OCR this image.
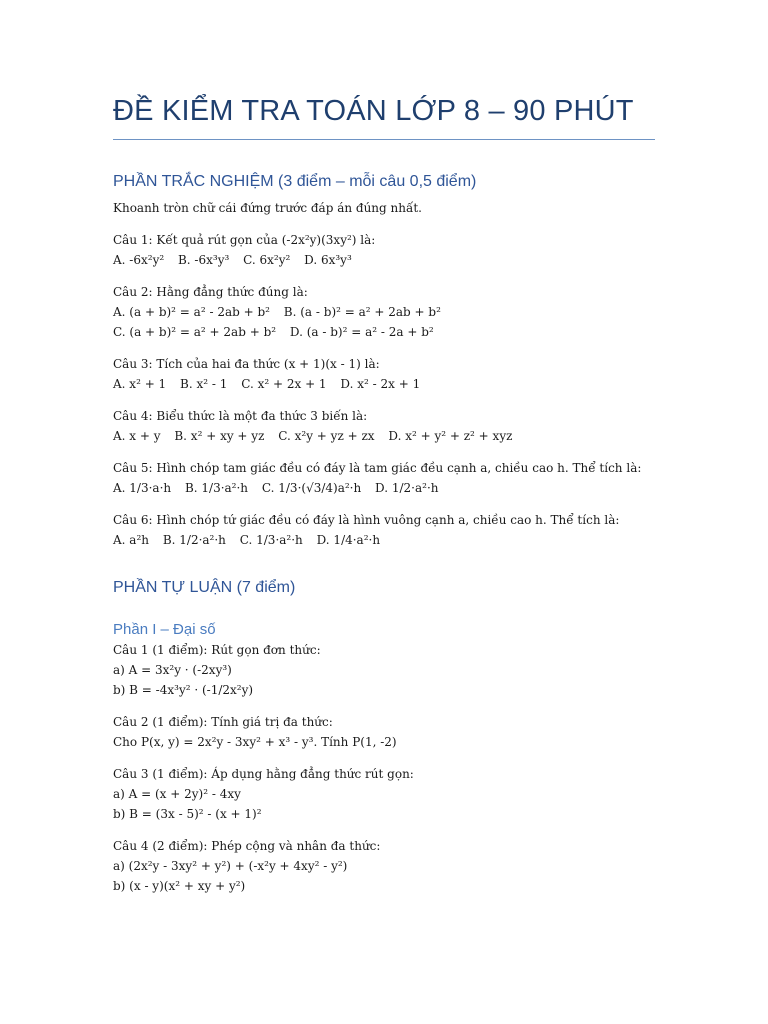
ĐỀ KIỂM TRA TOÁN LỚP 8 – 90 PHÚT
PHẦN TRẮC NGHIỆM (3 điểm – mỗi câu 0,5 điểm)
Khoanh tròn chữ cái đứng trước đáp án đúng nhất.
Câu 1: Kết quả rút gọn của (-2x²y)(3xy²) là:
A. -6x²y² B. -6x³y³ C. 6x²y² D. 6x³y³
Câu 2: Hằng đẳng thức đúng là:
A. (a + b)² = a² - 2ab + b² B. (a - b)² = a² + 2ab + b²
C. (a + b)² = a² + 2ab + b² D. (a - b)² = a² - 2a + b²
Câu 3: Tích của hai đa thức (x + 1)(x - 1) là:
A. x² + 1 B. x² - 1 C. x² + 2x + 1 D. x² - 2x + 1
Câu 4: Biểu thức là một đa thức 3 biến là:
A. x + y B. x² + xy + yz C. x²y + yz + zx D. x² + y² + z² + xyz
Câu 5: Hình chóp tam giác đều có đáy là tam giác đều cạnh a, chiều cao h. Thể tích là:
A. 1/3·a·h B. 1/3·a²·h C. 1/3·(√3/4)a²·h D. 1/2·a²·h
Câu 6: Hình chóp tứ giác đều có đáy là hình vuông cạnh a, chiều cao h. Thể tích là:
A. a²h B. 1/2·a²·h C. 1/3·a²·h D. 1/4·a²·h
PHẦN TỰ LUẬN (7 điểm)
Phần I – Đại số
Câu 1 (1 điểm): Rút gọn đơn thức:
a) A = 3x²y · (-2xy³)
b) B = -4x³y² · (-1/2x²y)
Câu 2 (1 điểm): Tính giá trị đa thức:
Cho P(x, y) = 2x²y - 3xy² + x³ - y³. Tính P(1, -2)
Câu 3 (1 điểm): Áp dụng hằng đẳng thức rút gọn:
a) A = (x + 2y)² - 4xy
b) B = (3x - 5)² - (x + 1)²
Câu 4 (2 điểm): Phép cộng và nhân đa thức:
a) (2x²y - 3xy² + y²) + (-x²y + 4xy² - y²)
b) (x - y)(x² + xy + y²)
